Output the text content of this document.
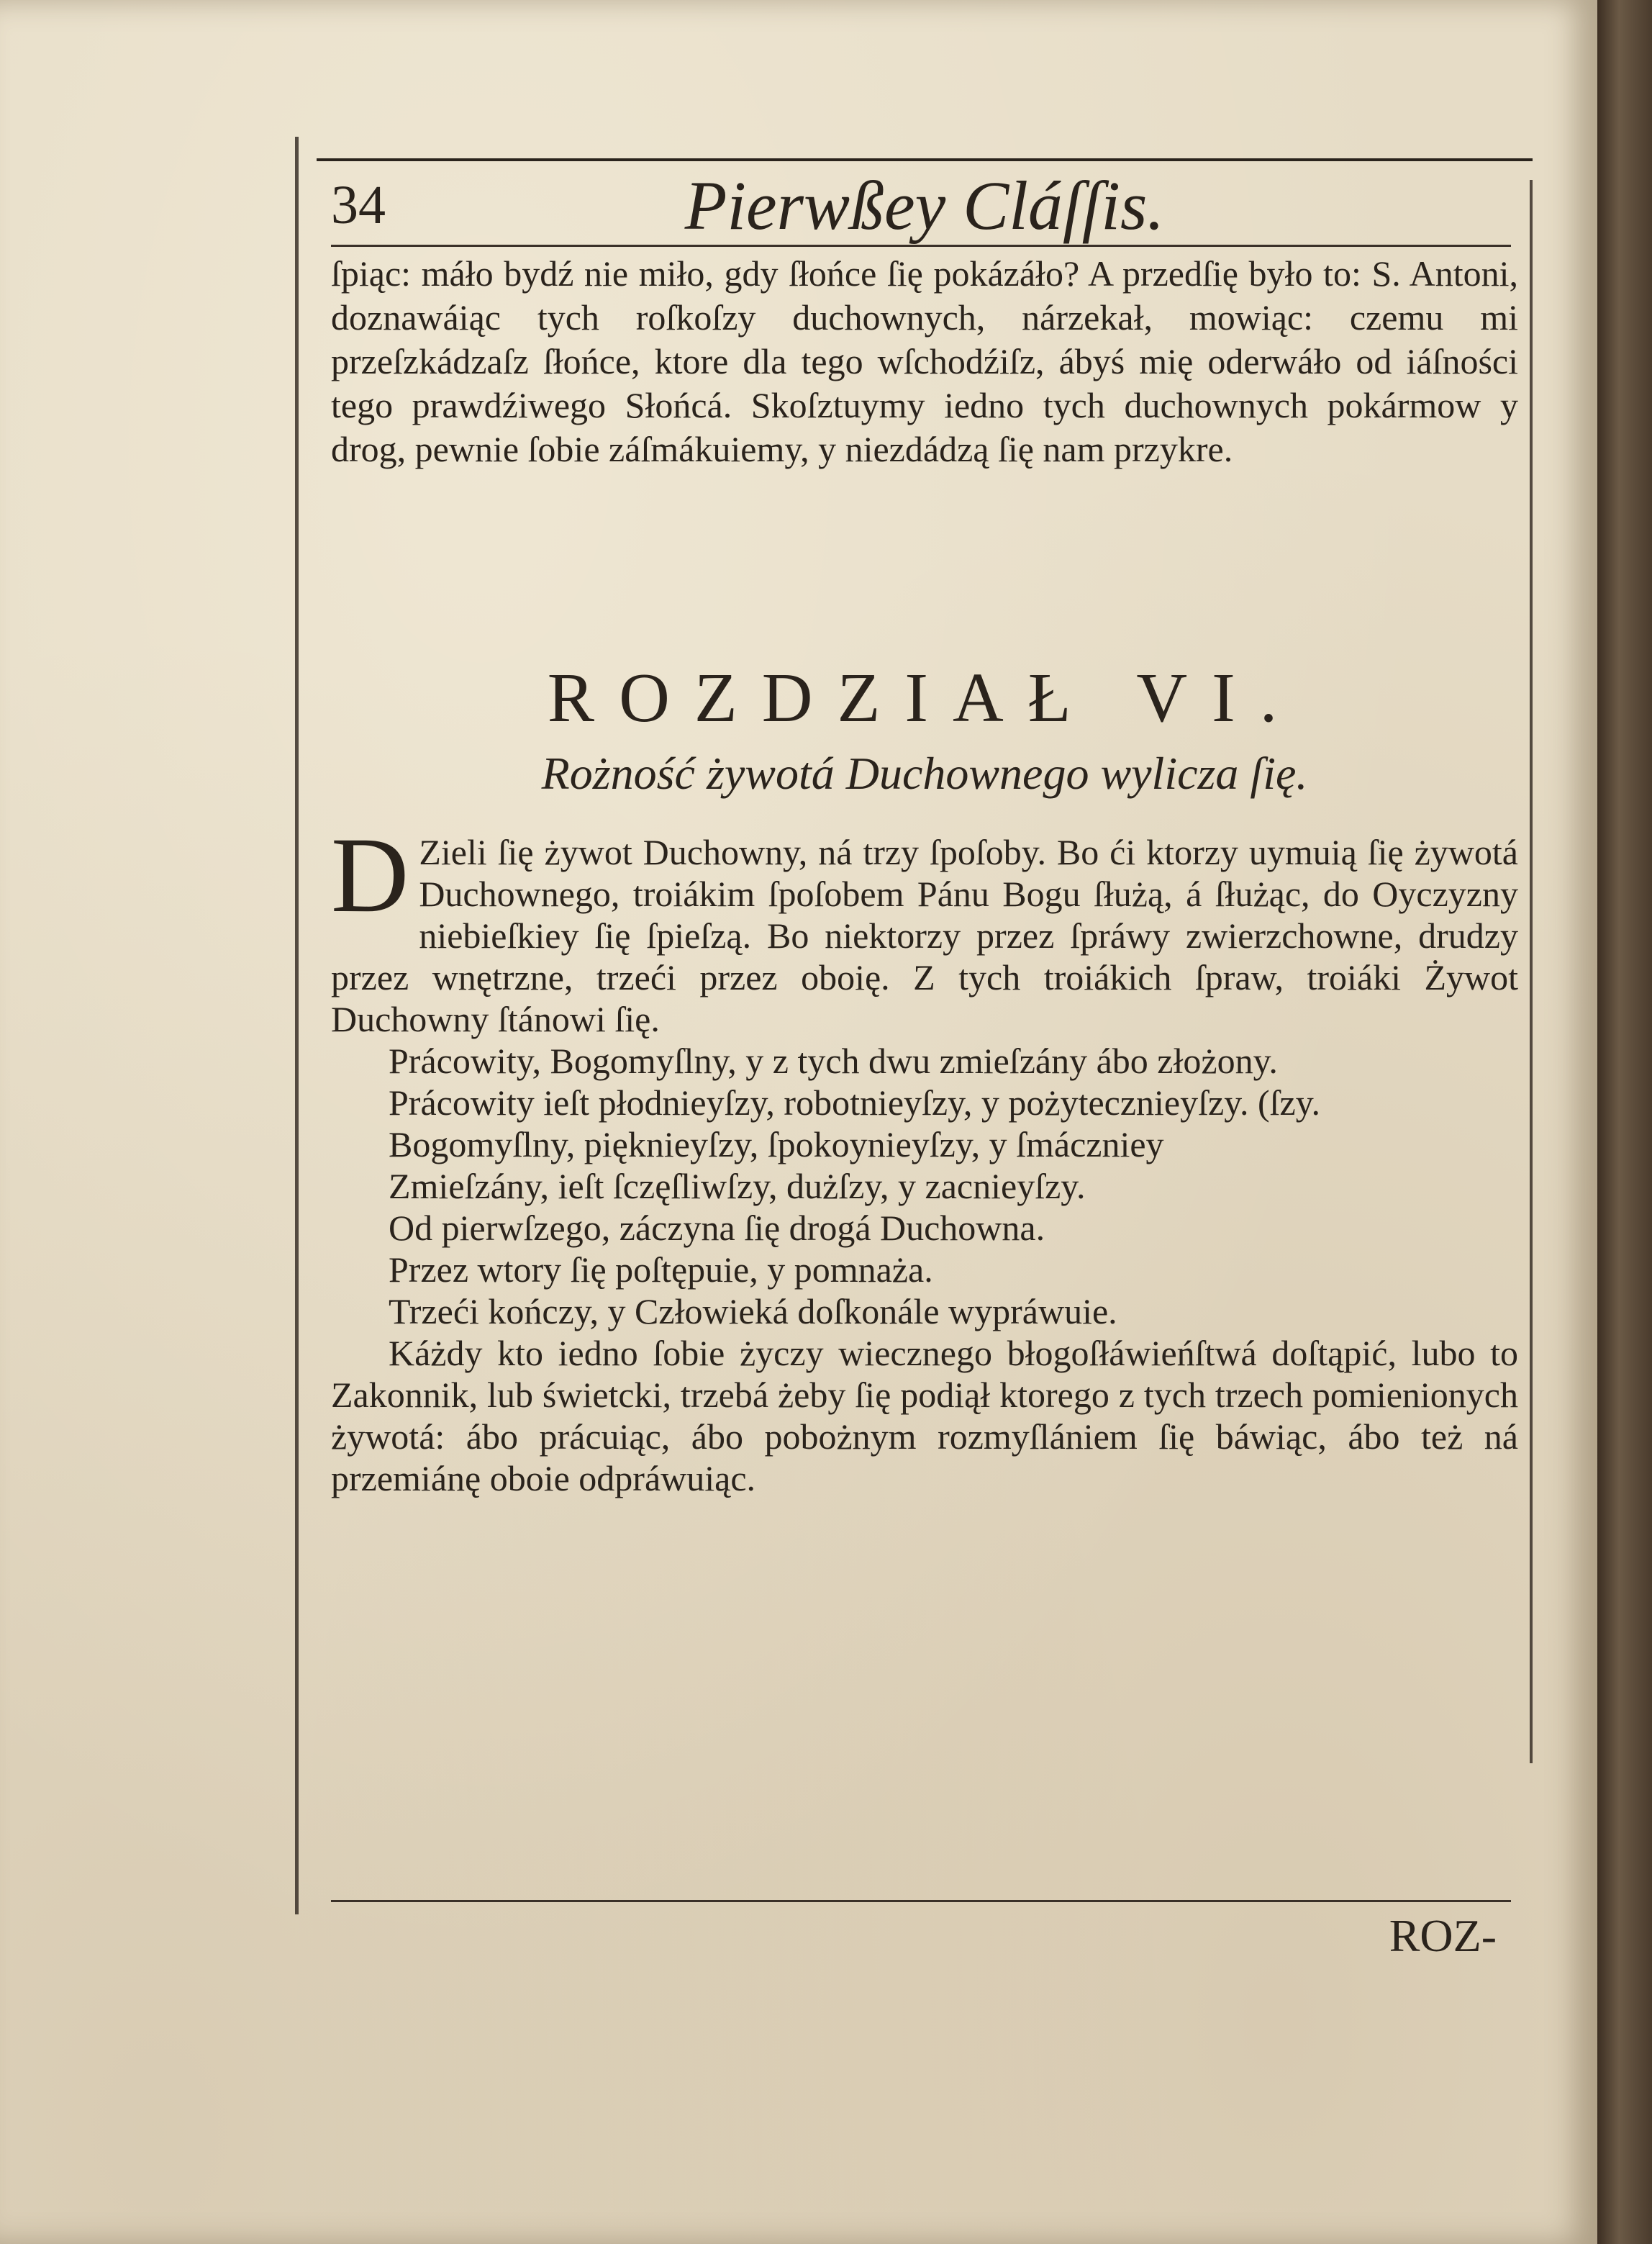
34	Pierwßey Cláſſis.

ſpiąc: máło bydź nie miło, gdy ſłońce ſię pokázáło? A przedſię było to: S. Antoni, doznawáiąc tych roſkoſzy duchownych, nárzekał, mowiąc: czemu mi przeſzkádzaſz ſłońce, ktore dla tego wſchodźiſz, ábyś mię oderwáło od iáſności tego prawdźiwego Słońcá. Skoſztuymy iedno tych duchownych pokármow y drog, pewnie ſobie záſmákuiemy, y niezdádzą ſię nam przykre.

ROZDZIAŁ VI.
Rożność żywotá Duchownego wylicza ſię.
D Zieli ſię żywot Duchowny, ná trzy ſpoſoby. Bo ći ktorzy uymuią ſię żywotá Duchownego, troiákim ſpoſobem Pánu Bogu ſłużą, á ſłużąc, do Oyczyzny niebieſkiey ſię ſpieſzą. Bo niektorzy przez ſpráwy zwierzchowne, drudzy przez wnętrzne, trzeći przez oboię. Z tych troiákich ſpraw, troiáki Żywot Duchowny ſtánowi ſię.

Prácowity, Bogomyſlny, y z tych dwu zmieſzány ábo złożony.

Prácowity ieſt płodnieyſzy, robotnieyſzy, y pożytecznieyſzy. (ſzy.

Bogomyſlny, pięknieyſzy, ſpokoynieyſzy, y ſmáczniey

Zmieſzány, ieſt ſczęſliwſzy, dużſzy, y zacnieyſzy.

Od pierwſzego, záczyna ſię drogá Duchowna.

Przez wtory ſię poſtępuie, y pomnaża.

Trzeći kończy, y Człowieká doſkonále wypráwuie.

Káżdy kto iedno ſobie życzy wiecznego błogoſłáwieńſtwá doſtąpić, lubo to Zakonnik, lub świetcki, trzebá żeby ſię podiął ktorego z tych trzech pomienionych żywotá: ábo prácuiąc, ábo pobożnym rozmyſlániem ſię báwiąc, ábo też ná przemiánę oboie odpráwuiąc.

ROZ-
